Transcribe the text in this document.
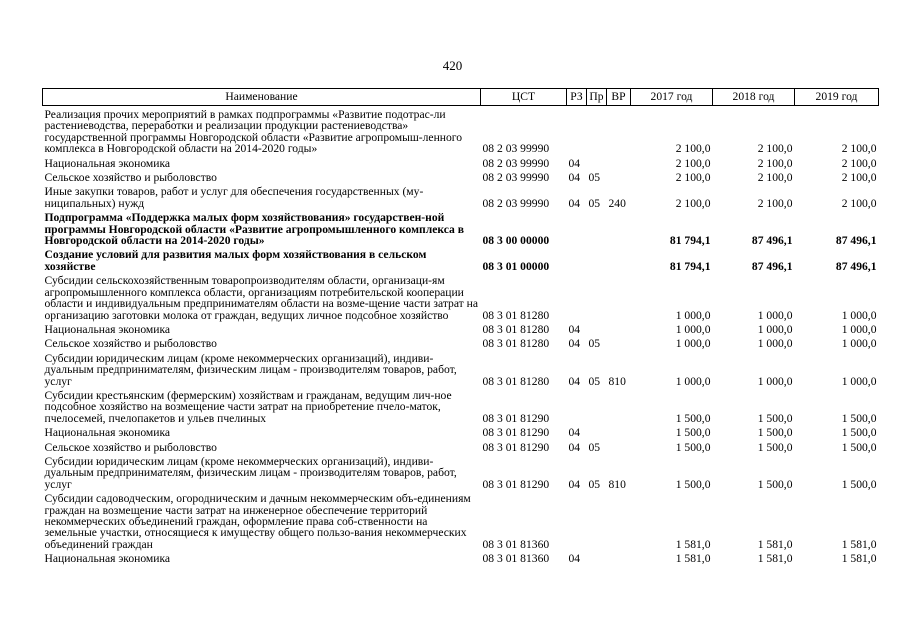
420
Наименование	ЦСТ	РЗ	Пр	ВР	2017 год	2018 год	2019 год
Реализация прочих мероприятий в рамках подпрограммы «Развитие подотрас-ли растениеводства, переработки и реализации продукции растениеводства» государственной программы Новгородской области «Развитие агропромыш-ленного комплекса в Новгородской области на 2014-2020 годы»	08 2 03 99990				2 100,0	2 100,0	2 100,0
Национальная экономика	08 2 03 99990	04			2 100,0	2 100,0	2 100,0
Сельское хозяйство и рыболовство	08 2 03 99990	04	05		2 100,0	2 100,0	2 100,0
Иные закупки товаров, работ и услуг для обеспечения государственных (му-ниципальных) нужд	08 2 03 99990	04	05	240	2 100,0	2 100,0	2 100,0
Подпрограмма «Поддержка малых форм хозяйствования» государствен-ной программы Новгородской области «Развитие агропромышленного комплекса в Новгородской области на 2014-2020 годы»	08 3 00 00000				81 794,1	87 496,1	87 496,1
Создание условий для развития малых форм хозяйствования в сельском хозяйстве	08 3 01 00000				81 794,1	87 496,1	87 496,1
Субсидии сельскохозяйственным товаропроизводителям области, организаци-ям агропромышленного комплекса области, организациям потребительской кооперации области и индивидуальным предпринимателям области на возме-щение части затрат на организацию заготовки молока от граждан, ведущих личное подсобное хозяйство	08 3 01 81280				1 000,0	1 000,0	1 000,0
Национальная экономика	08 3 01 81280	04			1 000,0	1 000,0	1 000,0
Сельское хозяйство и рыболовство	08 3 01 81280	04	05		1 000,0	1 000,0	1 000,0
Субсидии юридическим лицам (кроме некоммерческих организаций), индиви-дуальным предпринимателям, физическим лицам - производителям товаров, работ, услуг	08 3 01 81280	04	05	810	1 000,0	1 000,0	1 000,0
Субсидии крестьянским (фермерским) хозяйствам и гражданам, ведущим лич-ное подсобное хозяйство на возмещение части затрат на приобретение пчело-маток, пчелосемей, пчелопакетов и ульев пчелиных	08 3 01 81290				1 500,0	1 500,0	1 500,0
Национальная экономика	08 3 01 81290	04			1 500,0	1 500,0	1 500,0
Сельское хозяйство и рыболовство	08 3 01 81290	04	05		1 500,0	1 500,0	1 500,0
Субсидии юридическим лицам (кроме некоммерческих организаций), индиви-дуальным предпринимателям, физическим лицам - производителям товаров, работ, услуг	08 3 01 81290	04	05	810	1 500,0	1 500,0	1 500,0
Субсидии садоводческим, огородническим и дачным некоммерческим объ-единениям граждан на возмещение части затрат на инженерное обеспечение территорий некоммерческих объединений граждан, оформление права соб-ственности на земельные участки, относящиеся к имуществу общего пользо-вания некоммерческих объединений граждан	08 3 01 81360				1 581,0	1 581,0	1 581,0
Национальная экономика	08 3 01 81360	04			1 581,0	1 581,0	1 581,0
